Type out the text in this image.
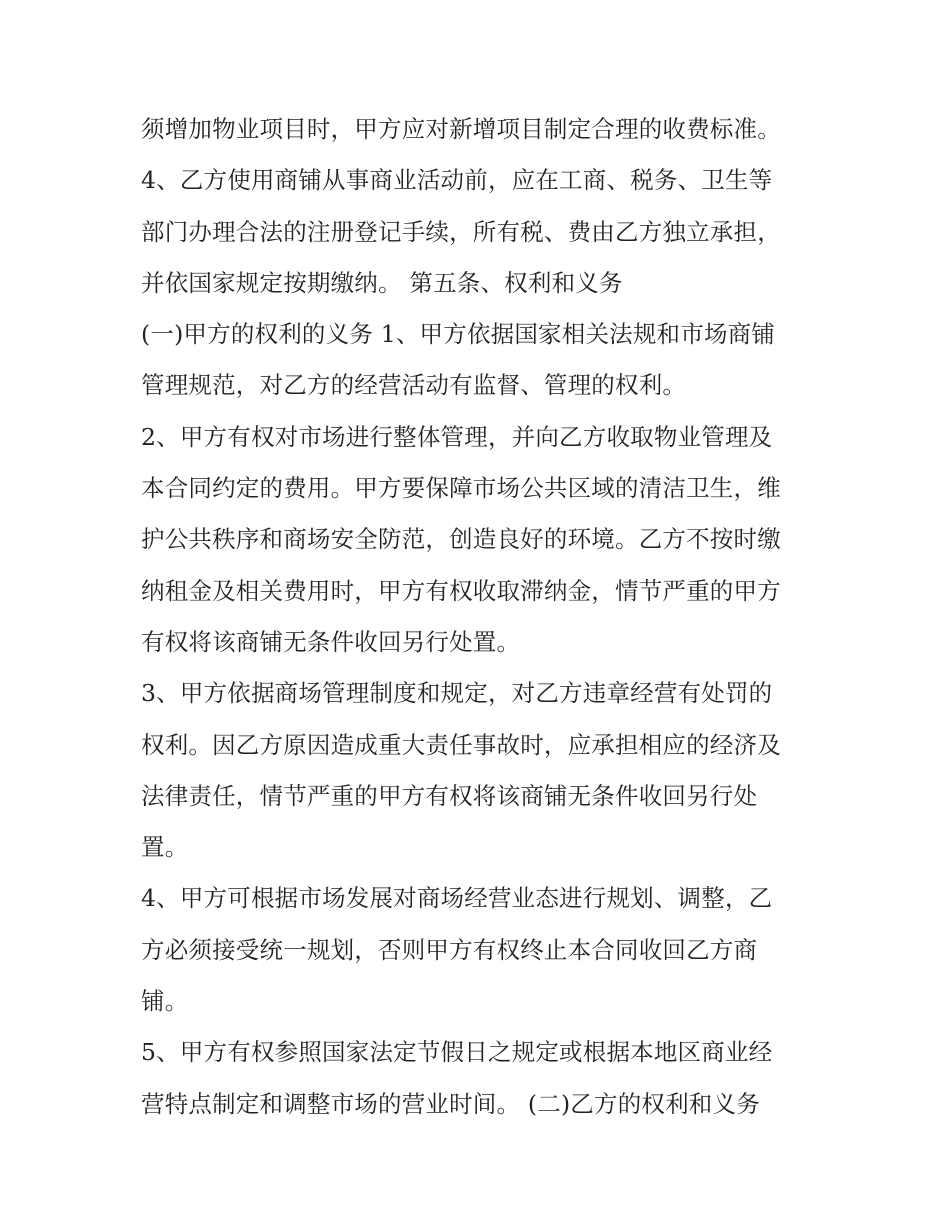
须增加物业项目时，甲方应对新增项目制定合理的收费标准。
4、乙方使用商铺从事商业活动前，应在工商、税务、卫生等
部门办理合法的注册登记手续，所有税、费由乙方独立承担，
并依国家规定按期缴纳。 第五条、权利和义务
(一)甲方的权利的义务 1、甲方依据国家相关法规和市场商铺
管理规范，对乙方的经营活动有监督、管理的权利。
2、甲方有权对市场进行整体管理，并向乙方收取物业管理及
本合同约定的费用。甲方要保障市场公共区域的清洁卫生，维
护公共秩序和商场安全防范，创造良好的环境。乙方不按时缴
纳租金及相关费用时，甲方有权收取滞纳金，情节严重的甲方
有权将该商铺无条件收回另行处置。
3、甲方依据商场管理制度和规定，对乙方违章经营有处罚的
权利。因乙方原因造成重大责任事故时，应承担相应的经济及
法律责任，情节严重的甲方有权将该商铺无条件收回另行处
置。
4、甲方可根据市场发展对商场经营业态进行规划、调整，乙
方必须接受统一规划，否则甲方有权终止本合同收回乙方商
铺。
5、甲方有权参照国家法定节假日之规定或根据本地区商业经
营特点制定和调整市场的营业时间。 (二)乙方的权利和义务
